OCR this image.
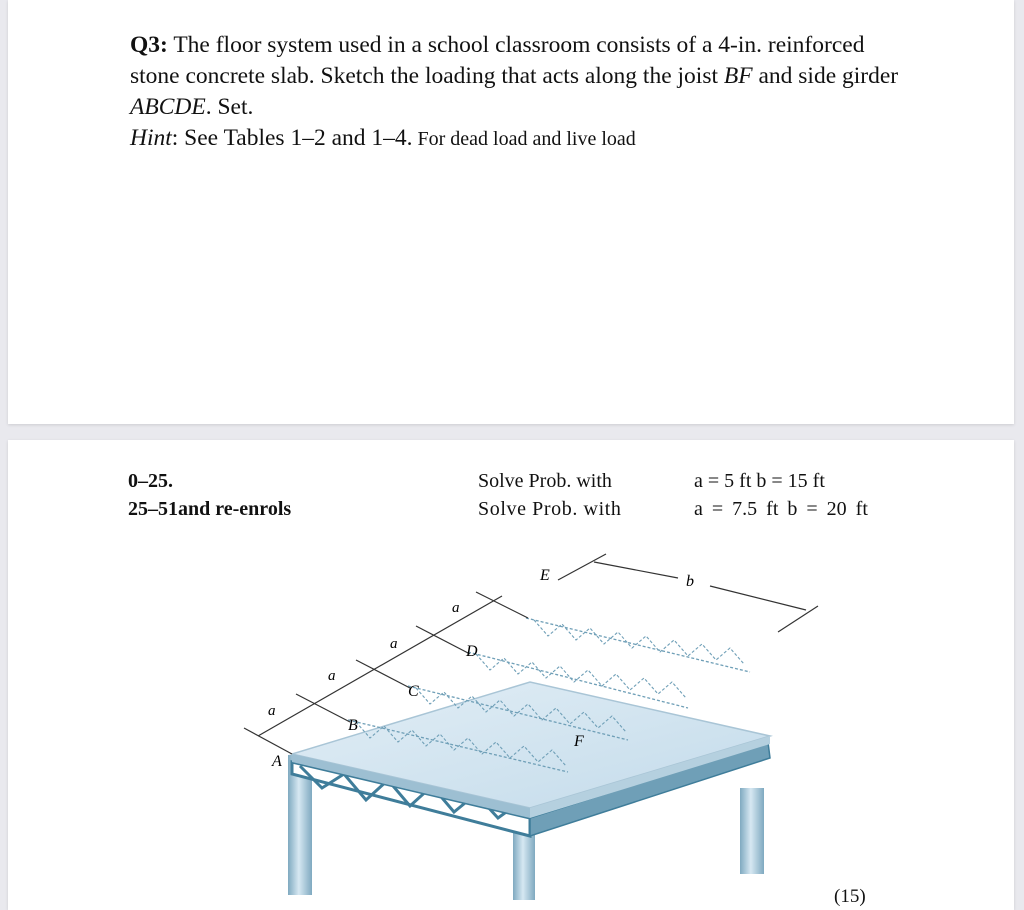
Q3: The floor system used in a school classroom consists of a 4-in. reinforced stone concrete slab. Sketch the loading that acts along the joist BF and side girder ABCDE. Set.
Hint: See Tables 1–2 and 1–4. For dead load and live load
0–25.	Solve Prob. with	a = 5 ft b = 15 ft
25–51and re-enrols	Solve Prob. with	a = 7.5 ft b = 20 ft
a
a
a
a
b
A
B
C
D
E
F
(15)
